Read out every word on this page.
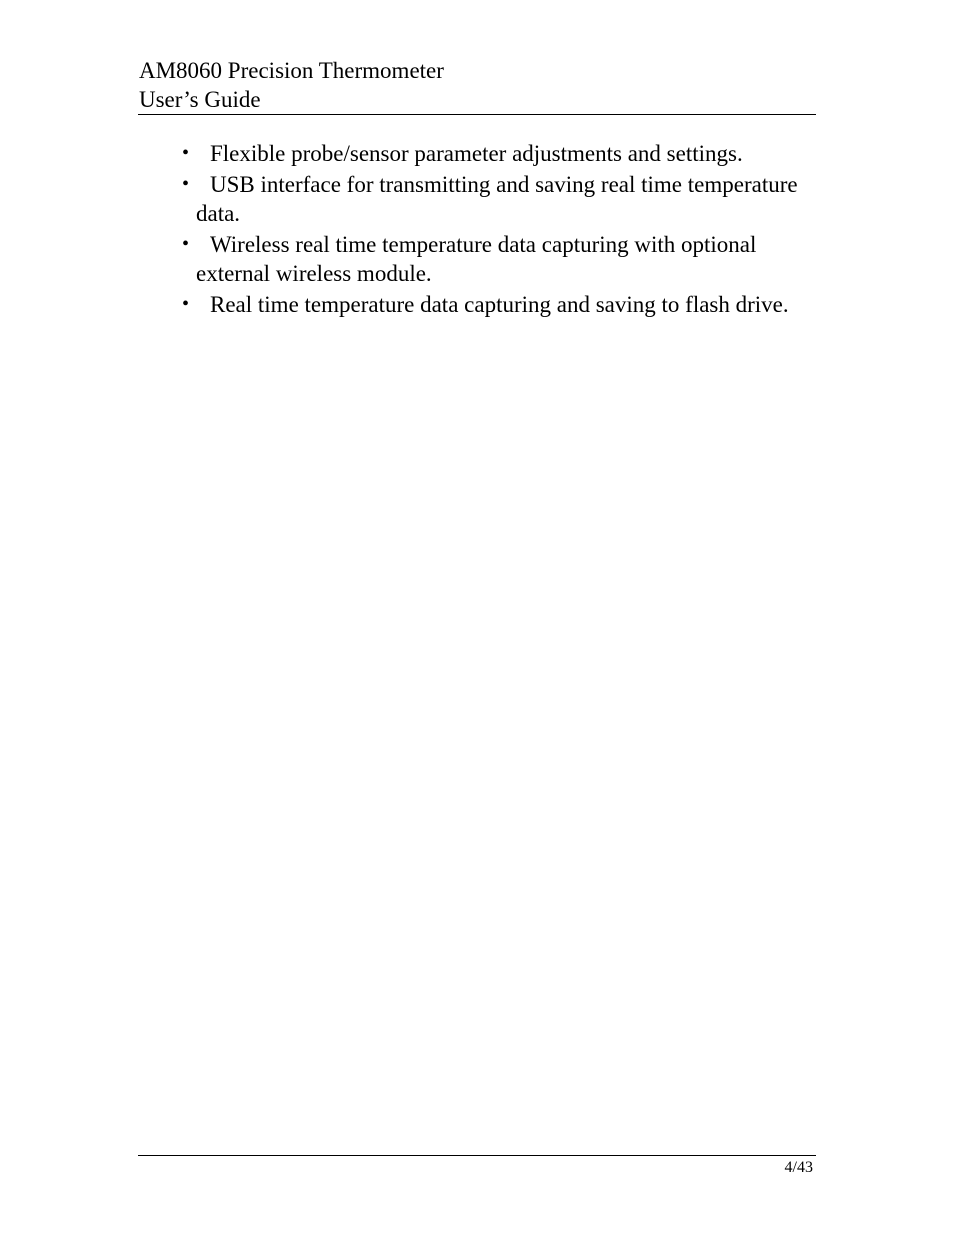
AM8060 Precision Thermometer
User’s Guide
• Flexible probe/sensor parameter adjustments and settings.
• USB interface for transmitting and saving real time temperature data.
• Wireless real time temperature data capturing with optional external wireless module.
• Real time temperature data capturing and saving to flash drive.
4/43
